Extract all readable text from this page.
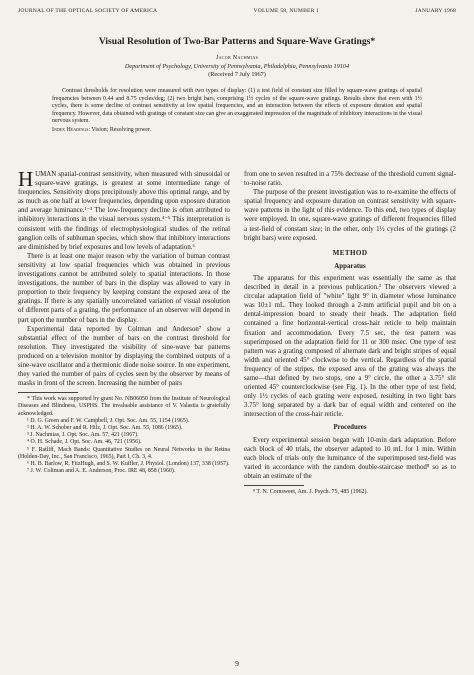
JOURNAL OF THE OPTICAL SOCIETY OF AMERICA	VOLUME 58, NUMBER 1	JANUARY 1968
Visual Resolution of Two-Bar Patterns and Square-Wave Gratings*
Jacob Nachmias
Department of Psychology, University of Pennsylvania, Philadelphia, Pennsylvania 19104
(Received 7 July 1967)
Contrast thresholds for resolution were measured with two types of display: (1) a test field of constant size filled by square-wave gratings of spatial frequencies between 0.44 and 8.75 cycles/deg; (2) two bright bars, comprising 1½ cycles of the square-wave gratings. Results show that even with 1½ cycles, there is some decline of contrast sensitivity at low spatial frequencies, and an interaction between the effects of exposure duration and spatial frequency. However, data obtained with gratings of constant size can give an exaggerated impression of the magnitude of inhibitory interactions in the visual nervous system.
Index Headings: Vision; Resolving power.

HUMAN spatial-contrast sensitivity, when measured with sinusoidal or square-wave gratings, is greatest at some intermediate range of frequencies. Sensitivity drops precipitously above this optimal range, and by as much as one half at lower frequencies, depending upon exposure duration and average luminance.¹⁻³ The low-frequency decline is often attributed to inhibitory interactions in the visual nervous system.⁴⁻⁵ This interpretation is consistent with the findings of electrophysiological studies of the retinal ganglion cells of subhuman species, which show that inhibitory interactions are diminished by brief exposures and low levels of adaptation.⁶

There is at least one major reason why the variation of human contrast sensitivity at low spatial frequencies which was obtained in previous investigations cannot be attributed solely to spatial interactions. In those investigations, the number of bars in the display was allowed to vary in proportion to their frequency by keeping constant the exposed area of the gratings. If there is any spatially uncorrelated variation of visual resolution of different parts of a grating, the performance of an observer will depend in part upon the number of bars in the display.

Experimental data reported by Coltman and Anderson⁷ show a substantial effect of the number of bars on the contrast threshold for resolution. They investigated the visibility of sine-wave bar patterns produced on a television monitor by displaying the combined outputs of a sine-wave oscillator and a thermionic diode noise source. In one experiment, they varied the number of pairs of cycles seen by the observer by means of masks in front of the screen. Increasing the number of pairs

* This work was supported by grant No. NB06050 from the Institute of Neurological Diseases and Blindness, USPHS. The invaluable assistance of V. Valastia is gratefully acknowledged.

¹ D. G. Green and F. W. Campbell, J. Opt. Soc. Am. 55, 1154 (1965).

² H. A. W. Schober and R. Hilz, J. Opt. Soc. Am. 55, 1086 (1965).

³ J. Nachmias, J. Opt. Soc. Am. 57, 421 (1967).

⁴ O. H. Schade, J. Opt. Soc. Am. 46, 721 (1956).

⁵ F. Ratliff, Mach Bands: Quantitative Studies on Neural Networks in the Retina (Holden-Day, Inc., San Francisco, 1965), Part I, Ch. 3, 4.

⁶ H. B. Barlow, R. FitzHugh, and S. W. Kuffler, J. Physiol. (London) 137, 338 (1957).

⁷ J. W. Coltman and A. E. Anderson, Proc. IRE 48, 858 (1960).

from one to seven resulted in a 75% decrease of the threshold current signal-to-noise ratio.

The purpose of the present investigation was to re-examine the effects of spatial frequency and exposure duration on contrast sensitivity with square-wave patterns in the light of this evidence. To this end, two types of display were employed. In one, square-wave gratings of different frequencies filled a test-field of constant size; in the other, only 1½ cycles of the gratings (2 bright bars) were exposed.

METHOD
Apparatus

The apparatus for this experiment was essentially the same as that described in detail in a previous publication.³ The observers viewed a circular adaptation field of "white" light 9° in diameter whose luminance was 10±1 mL. They looked through a 2-mm artificial pupil and bit on a dental-impression board to steady their heads. The adaptation field contained a fine horizontal-vertical cross-hair reticle to help maintain fixation and accommodation. Every 7.5 sec, the test pattern was superimposed on the adaptation field for 11 or 300 msec. One type of test pattern was a grating composed of alternate dark and bright stripes of equal width and oriented 45° clockwise to the vertical. Regardless of the spatial frequency of the stripes, the exposed area of the grating was always the same—that defined by two stops, one a 9° circle, the other a 3.75° slit oriented 45° counterclockwise (see Fig. 1). In the other type of test field, only 1½ cycles of each grating were exposed, resulting in two light bars 3.75° long separated by a dark bar of equal width and centered on the intersection of the cross-hair reticle.

Procedures

Every experimental session began with 10-min dark adaptation. Before each block of 40 trials, the observer adapted to 10 mL for 1 min. Within each block of trials only the luminance of the superimposed test-field was varied in accordance with the random double-staircase method⁸ so as to obtain an estimate of the

⁸ T. N. Cornsweet, Am. J. Psych. 75, 485 (1962).

9
